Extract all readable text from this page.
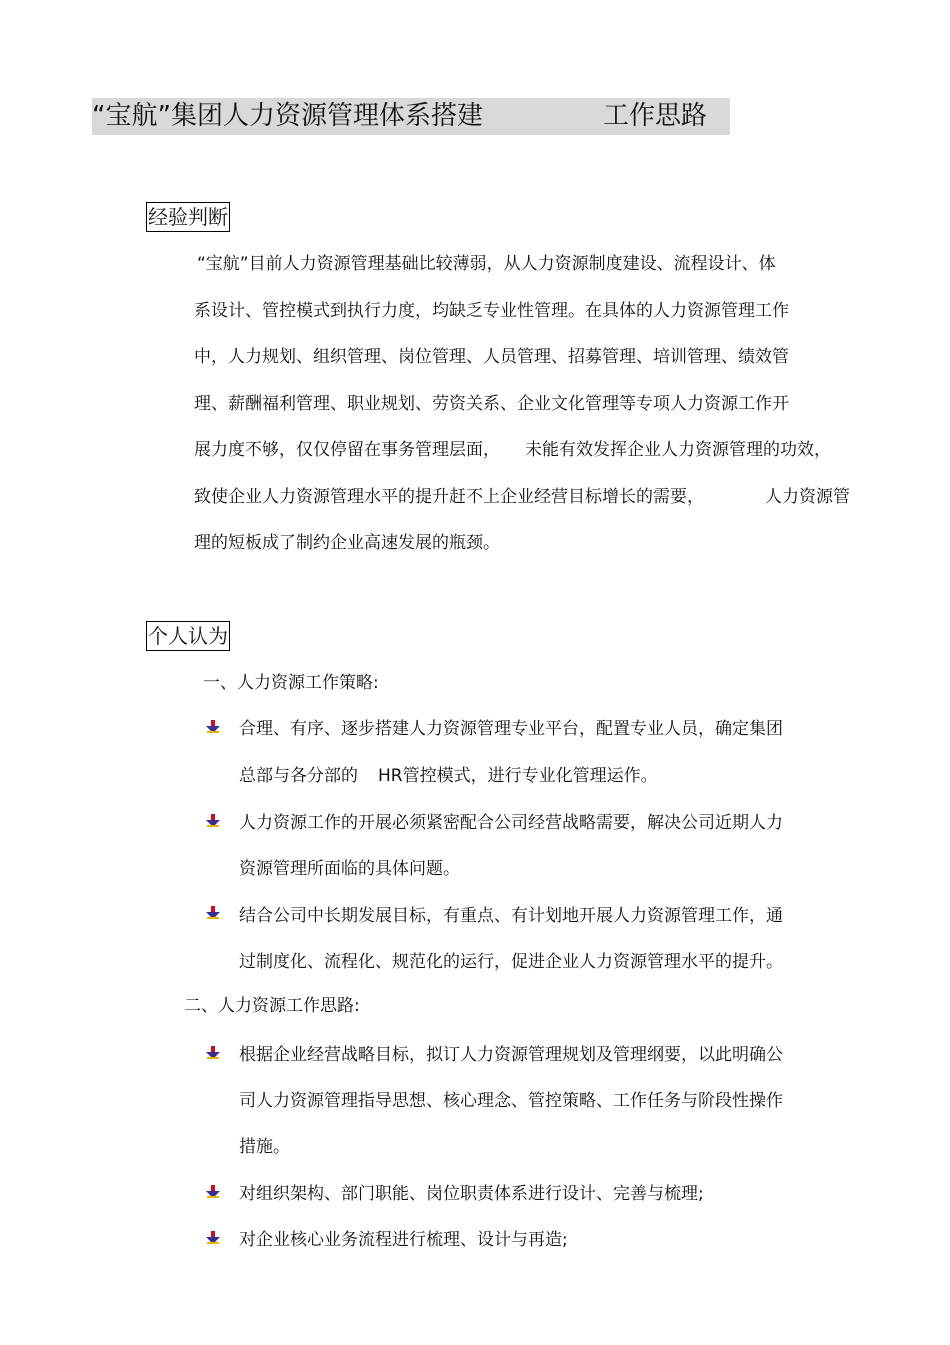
“宝航”集团人力资源管理体系搭建	工作思路
经验判断
“宝航”目前人力资源管理基础比较薄弱，从人力资源制度建设、流程设计、体
系设计、管控模式到执行力度，均缺乏专业性管理。在具体的人力资源管理工作
中，人力规划、组织管理、岗位管理、人员管理、招募管理、培训管理、绩效管
理、薪酬福利管理、职业规划、劳资关系、企业文化管理等专项人力资源工作开
展力度不够，仅仅停留在事务管理层面， 未能有效发挥企业人力资源管理的功效，
致使企业人力资源管理水平的提升赶不上企业经营目标增长的需要，	人力资源管
理的短板成了制约企业高速发展的瓶颈。
个人认为
一、人力资源工作策略:
合理、有序、逐步搭建人力资源管理专业平台，配置专业人员，确定集团
总部与各分部的 HR管控模式，进行专业化管理运作。
人力资源工作的开展必须紧密配合公司经营战略需要，解决公司近期人力
资源管理所面临的具体问题。
结合公司中长期发展目标，有重点、有计划地开展人力资源管理工作，通
过制度化、流程化、规范化的运行，促进企业人力资源管理水平的提升。
二、人力资源工作思路:
根据企业经营战略目标，拟订人力资源管理规划及管理纲要，以此明确公
司人力资源管理指导思想、核心理念、管控策略、工作任务与阶段性操作
措施。
对组织架构、部门职能、岗位职责体系进行设计、完善与梳理;
对企业核心业务流程进行梳理、设计与再造;
